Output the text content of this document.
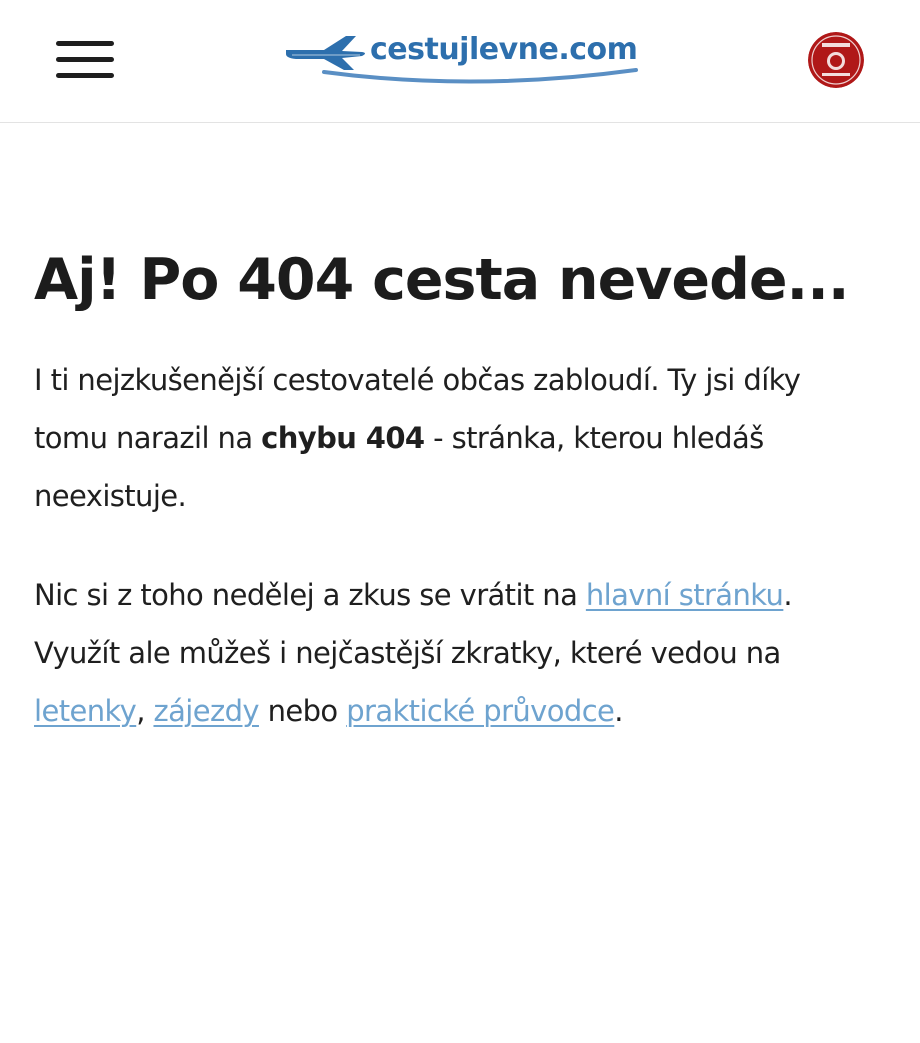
cestujlevne.com
Aj! Po 404 cesta nevede...

I ti nejzkušenější cestovatelé občas zabloudí. Ty jsi díky tomu narazil na chybu 404 - stránka, kterou hledáš neexistuje.

Nic si z toho nedělej a zkus se vrátit na hlavní stránku. Využít ale můžeš i nejčastější zkratky, které vedou na letenky, zájezdy nebo praktické průvodce.
